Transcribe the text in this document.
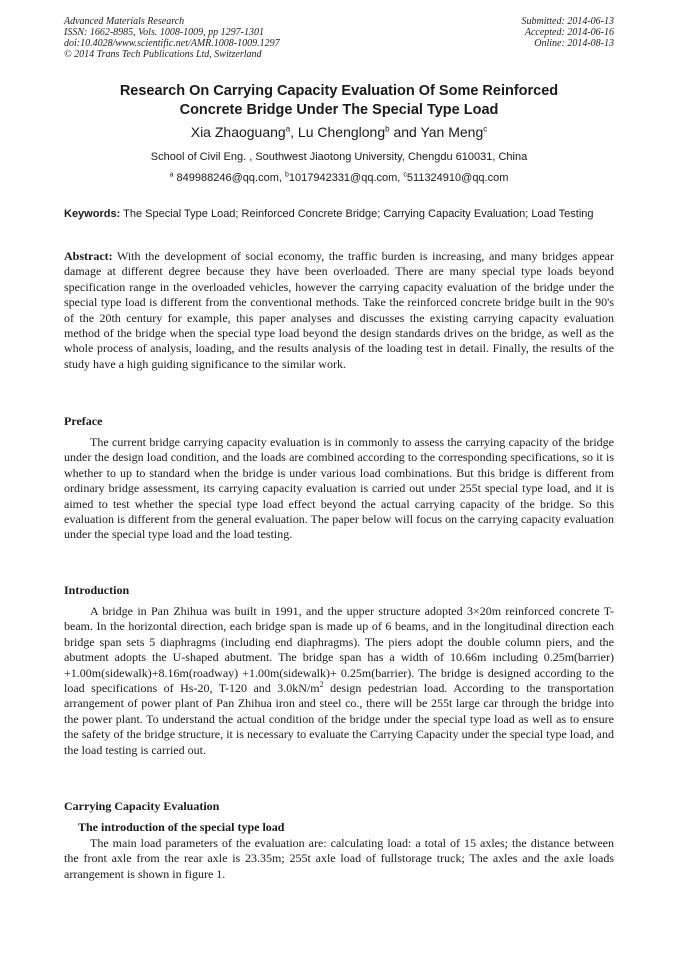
Advanced Materials Research
ISSN: 1662-8985, Vols. 1008-1009, pp 1297-1301
doi:10.4028/www.scientific.net/AMR.1008-1009.1297
© 2014 Trans Tech Publications Ltd, Switzerland
Submitted: 2014-06-13
Accepted: 2014-06-16
Online: 2014-08-13
Research On Carrying Capacity Evaluation Of Some Reinforced
Concrete Bridge Under The Special Type Load
Xia Zhaoguang$^a$, Lu Chenglong$^b$ and Yan Meng$^c$
School of Civil Eng. , Southwest Jiaotong University, Chengdu 610031, China
$^a$ 849988246@qq.com, $^b$1017942331@qq.com, $^c$511324910@qq.com
Keywords: The Special Type Load; Reinforced Concrete Bridge; Carrying Capacity Evaluation; Load Testing
Abstract: With the development of social economy, the traffic burden is increasing, and many bridges appear damage at different degree because they have been overloaded. There are many special type loads beyond specification range in the overloaded vehicles, however the carrying capacity evaluation of the bridge under the special type load is different from the conventional methods. Take the reinforced concrete bridge built in the 90's of the 20th century for example, this paper analyses and discusses the existing carrying capacity evaluation method of the bridge when the special type load beyond the design standards drives on the bridge, as well as the whole process of analysis, loading, and the results analysis of the loading test in detail. Finally, the results of the study have a high guiding significance to the similar work.
Preface
The current bridge carrying capacity evaluation is in commonly to assess the carrying capacity of the bridge under the design load condition, and the loads are combined according to the corresponding specifications, so it is whether to up to standard when the bridge is under various load combinations. But this bridge is different from ordinary bridge assessment, its carrying capacity evaluation is carried out under 255t special type load, and it is aimed to test whether the special type load effect beyond the actual carrying capacity of the bridge. So this evaluation is different from the general evaluation. The paper below will focus on the carrying capacity evaluation under the special type load and the load testing.
Introduction
A bridge in Pan Zhihua was built in 1991, and the upper structure adopted 3×20m reinforced concrete T-beam. In the horizontal direction, each bridge span is made up of 6 beams, and in the longitudinal direction each bridge span sets 5 diaphragms (including end diaphragms). The piers adopt the double column piers, and the abutment adopts the U-shaped abutment. The bridge span has a width of 10.66m including 0.25m(barrier) +1.00m(sidewalk)+8.16m(roadway) +1.00m(sidewalk)+ 0.25m(barrier). The bridge is designed according to the load specifications of Hs-20, T-120 and $3.0kN/m^2$ design pedestrian load. According to the transportation arrangement of power plant of Pan Zhihua iron and steel co., there will be 255t large car through the bridge into the power plant. To understand the actual condition of the bridge under the special type load as well as to ensure the safety of the bridge structure, it is necessary to evaluate the Carrying Capacity under the special type load, and the load testing is carried out.
Carrying Capacity Evaluation
The introduction of the special type load
The main load parameters of the evaluation are: calculating load: a total of 15 axles; the distance between the front axle from the rear axle is 23.35m; 255t axle load of fullstorage truck; The axles and the axle loads arrangement is shown in figure 1.
